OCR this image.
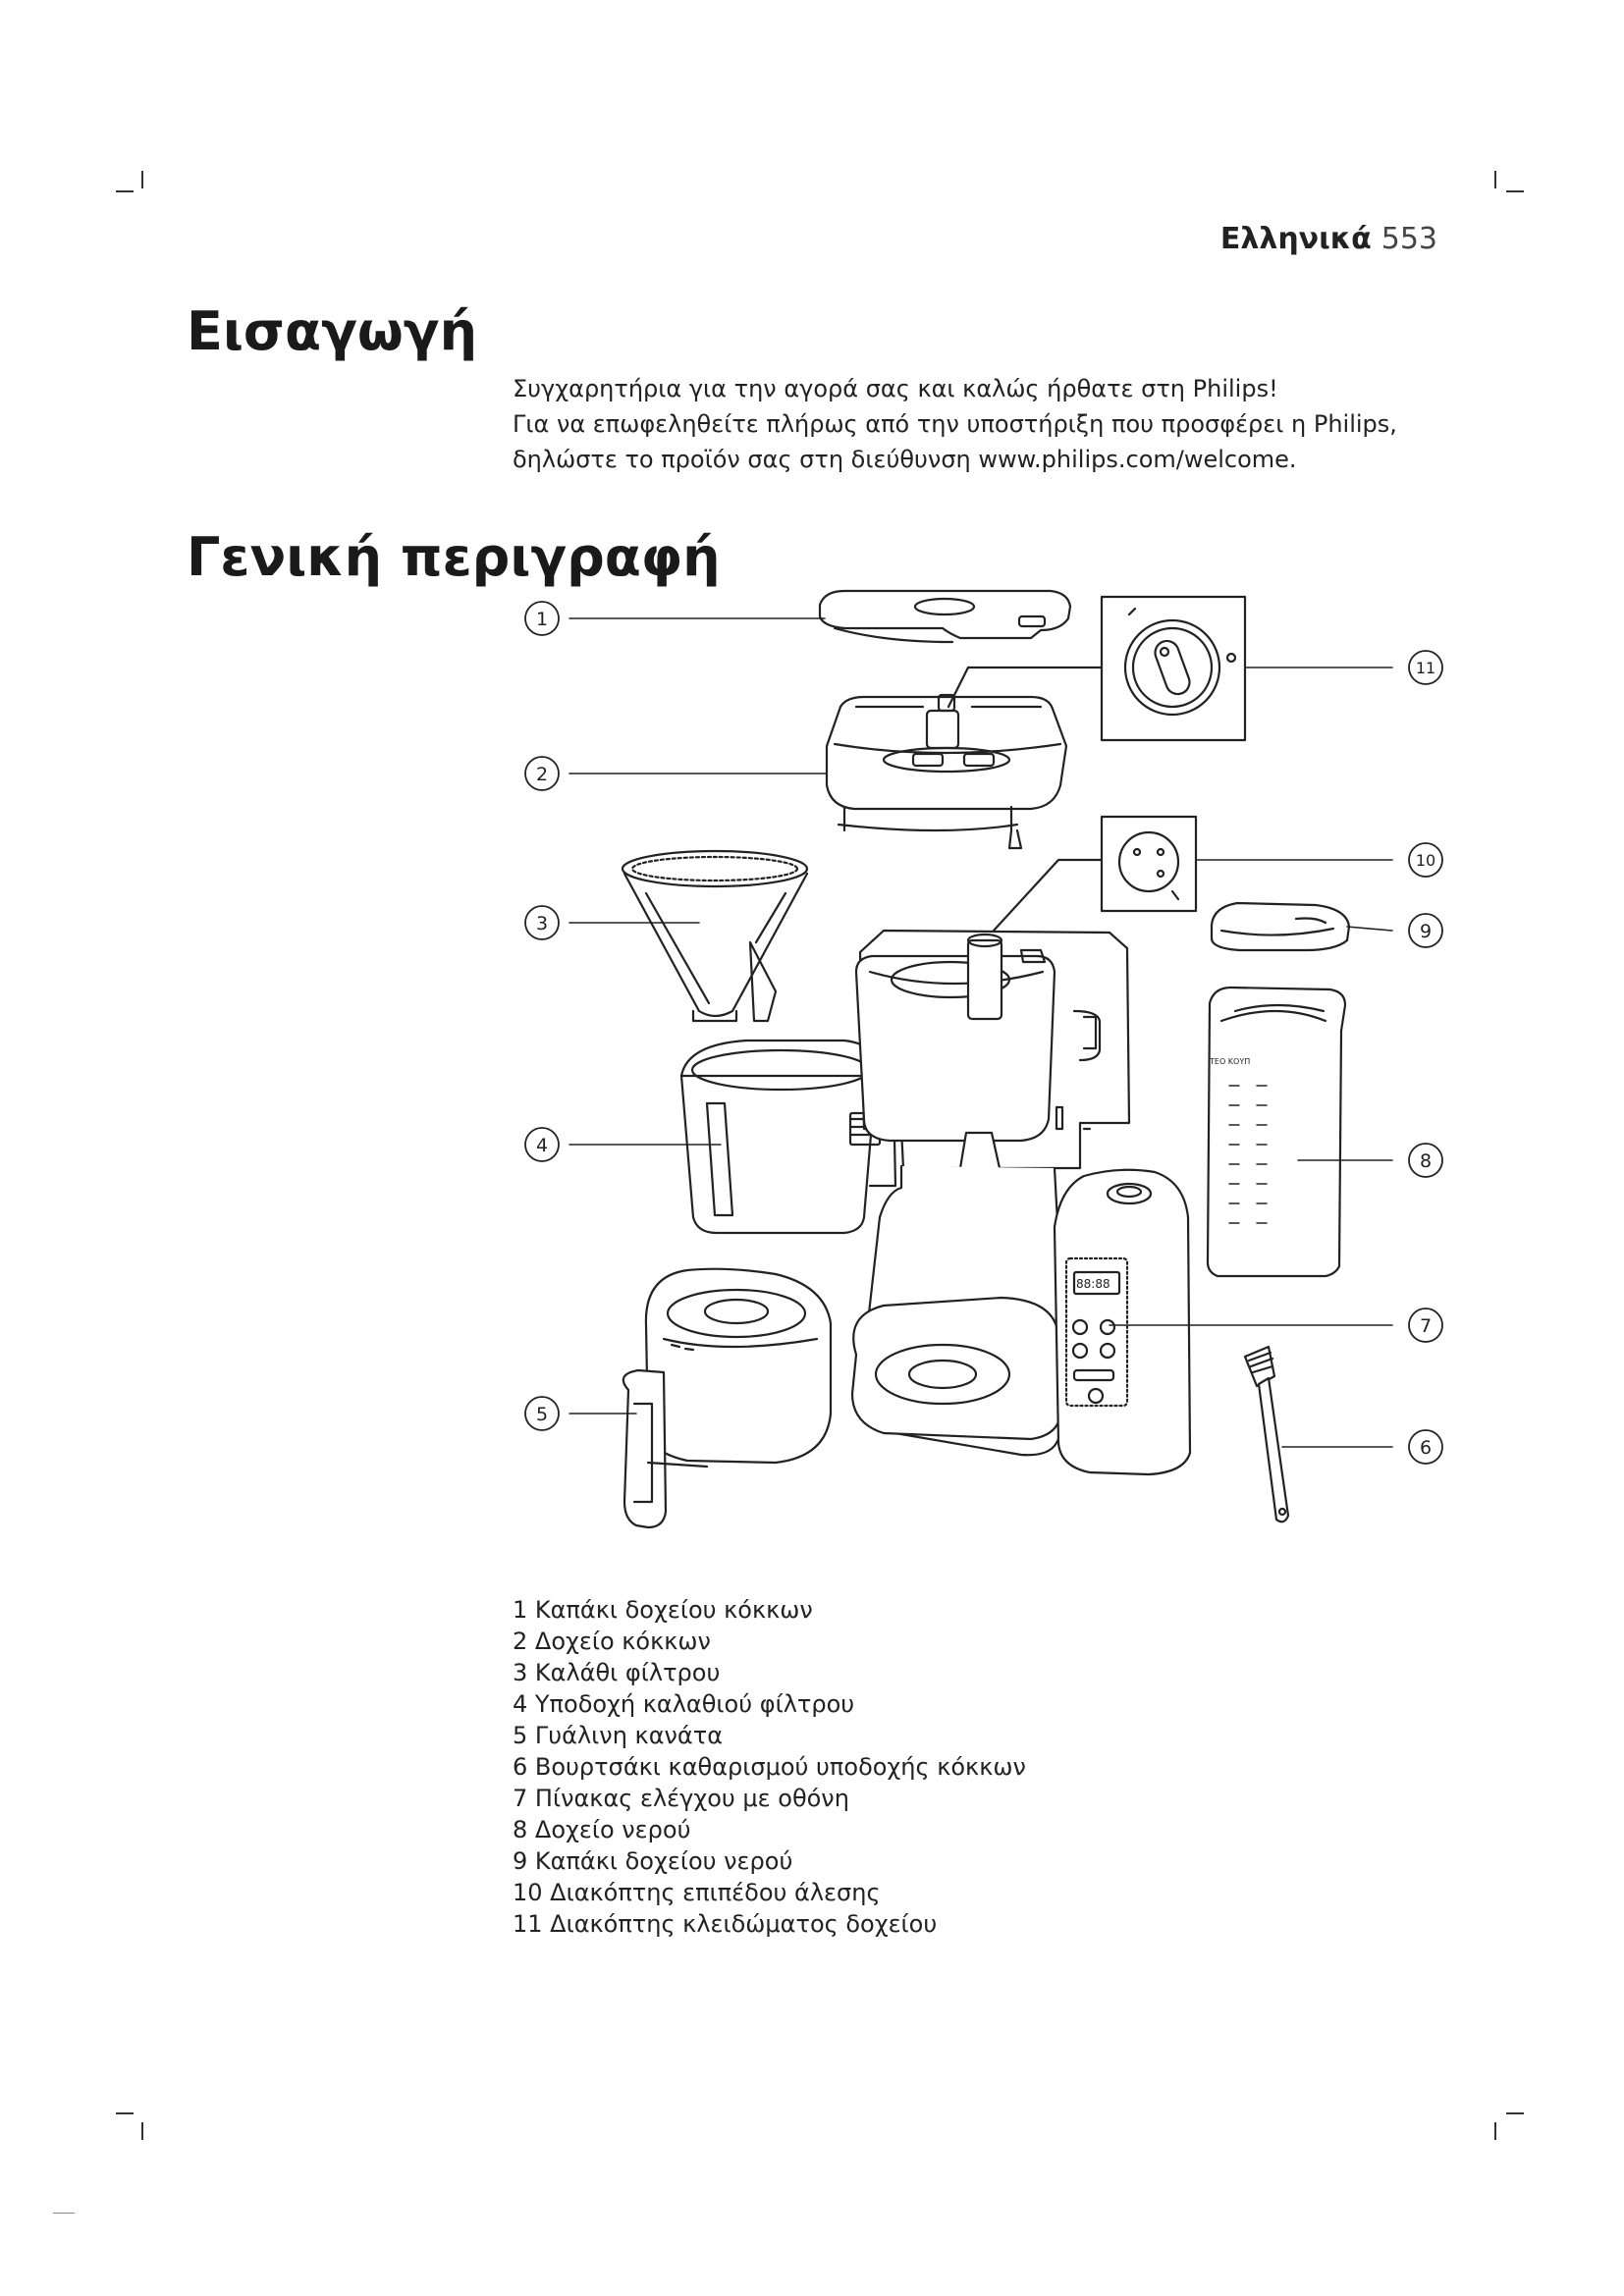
Ελληνικά 553
Εισαγωγή

Συγχαρητήρια για την αγορά σας και καλώς ήρθατε στη Philips!

Για να επωφεληθείτε πλήρως από την υποστήριξη που προσφέρει η Philips,

δηλώστε το προϊόν σας στη διεύθυνση www.philips.com/welcome.

Γενική περιγραφή
88:88
TEO ΚΟΥΠ
1
2
3
4
5
6
7
8
9
10
11
1 Καπάκι δοχείου κόκκων
2 Δοχείο κόκκων
3 Καλάθι φίλτρου
4 Υποδοχή καλαθιού φίλτρου
5 Γυάλινη κανάτα
6 Βουρτσάκι καθαρισμού υποδοχής κόκκων
7 Πίνακας ελέγχου με οθόνη
8 Δοχείο νερού
9 Καπάκι δοχείου νερού
10 Διακόπτης επιπέδου άλεσης
11 Διακόπτης κλειδώματος δοχείου
